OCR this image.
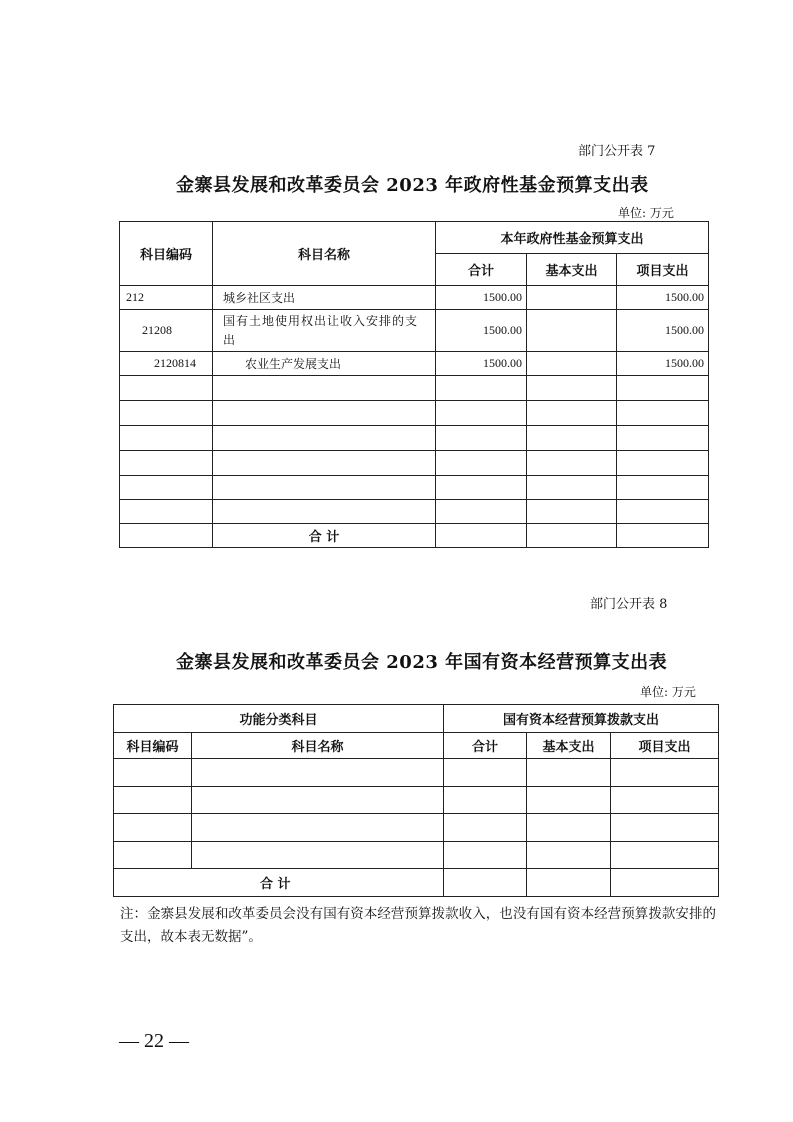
部门公开表 7
金寨县发展和改革委员会 2023 年政府性基金预算支出表
单位: 万元
科目编码	科目名称	本年政府性基金预算支出		
		合计	基本支出	项目支出
212	城乡社区支出	1500.00		1500.00
21208	国有土地使用权出让收入安排的支出	1500.00		1500.00
2120814	农业生产发展支出	1500.00		1500.00

	合 计			
部门公开表 8
金寨县发展和改革委员会 2023 年国有资本经营预算支出表
单位: 万元
功能分类科目		国有资本经营预算拨款支出		
科目编码	科目名称	合计	基本支出	项目支出

合 计				
注：金寨县发展和改革委员会没有国有资本经营预算拨款收入，也没有国有资本经营预算拨款安排的支出，故本表无数据”。
— 22 —
